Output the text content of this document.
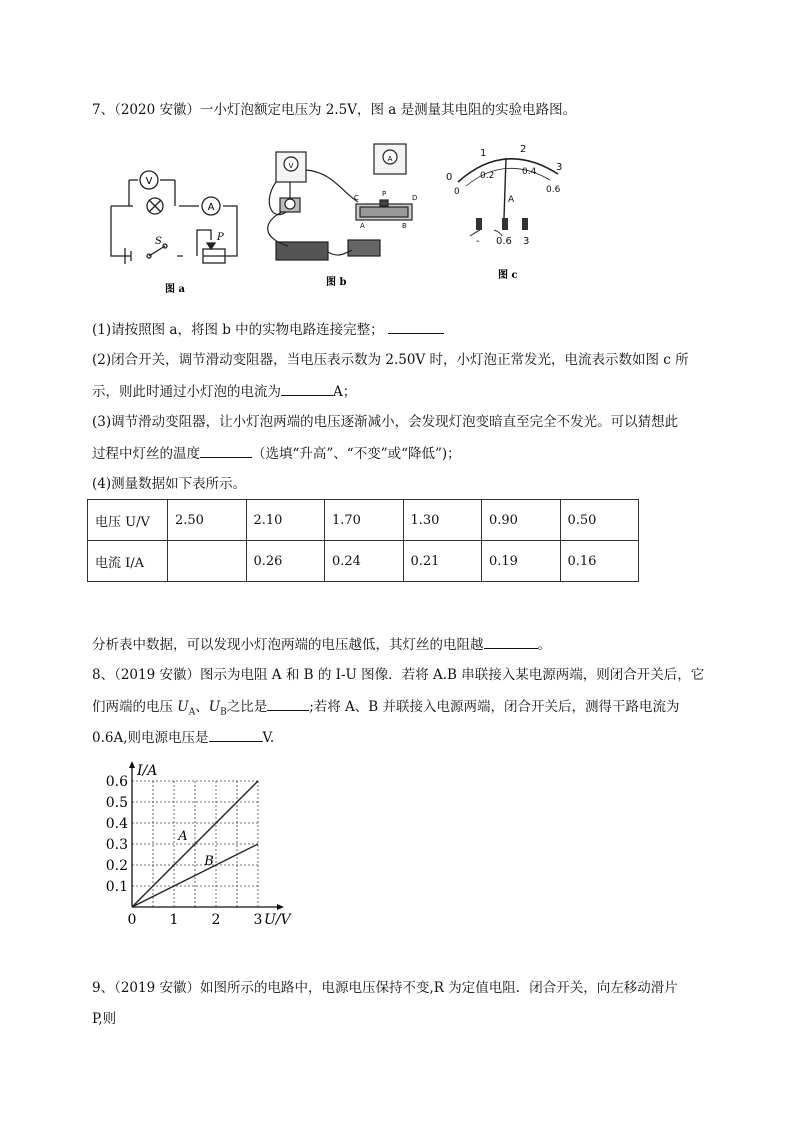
7、（2020 安徽）一小灯泡额定电压为 2.5V，图 a 是测量其电阻的实验电路图。
V
A
S	P
图 a
V
A
C	P	D
A	B
图 b
0
1	2
3
0
0.2	0.4
0.6
A
- 0.6 3
图 c
(1)请按照图 a，将图 b 中的实物电路连接完整；
(2)闭合开关，调节滑动变阻器，当电压表示数为 2.50V 时，小灯泡正常发光，电流表示数如图 c 所
示，则此时通过小灯泡的电流为	A；
(3)调节滑动变阻器，让小灯泡两端的电压逐渐减小，会发现灯泡变暗直至完全不发光。可以猜想此
过程中灯丝的温度	（选填“升高”、“不变”或“降低”)；
(4)测量数据如下表所示。
电压 U/V	2.50	2.10	1.70	1.30	0.90	0.50
电流 I/A		0.26	0.24	0.21	0.19	0.16
分析表中数据，可以发现小灯泡两端的电压越低，其灯丝的电阻越	。
8、（2019 安徽）图示为电阻 A 和 B 的 I-U 图像．若将 A.B 串联接入某电源两端，则闭合开关后，它
们两端的电压 $U_A$、$U_B$之比是	;若将 A、B 并联接入电源两端，闭合开关后，测得干路电流为
0.6A,则电源电压是	V.
A
B
0 1 2 3
0.1
0.2
0.3
0.4
0.5
0.6
U/V
I/A
9、（2019 安徽）如图所示的电路中，电源电压保持不变,R 为定值电阻．闭合开关，向左移动滑片
P,则
